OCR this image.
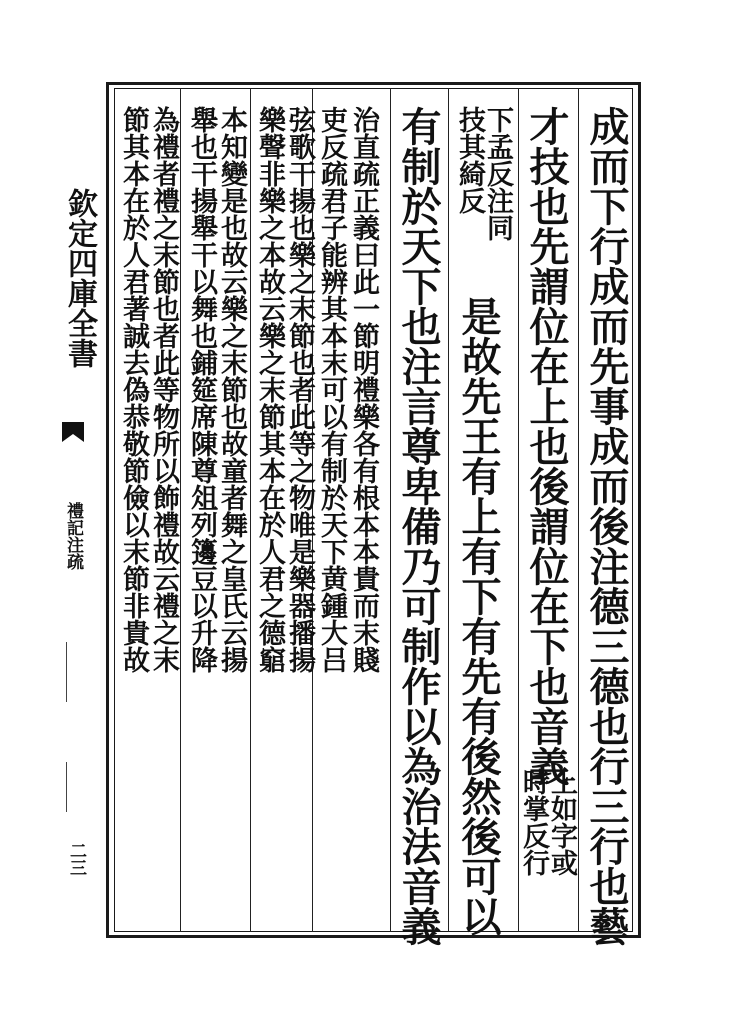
欽定四庫全書
禮記注疏
二三	成而下行成而先事成而後注德三德也行三行也藝
才技也先謂位在上也後謂位在下也音義
上如字或
時掌反行
下孟反注同
技其綺反
是故先王有上有下有先有後然後可以
有制於天下也注言尊卑備乃可制作以為治法音義
治直疏正義曰此一節明禮樂各有根本本貴而末賤
吏反疏君子能辨其本末可以有制於天下黄鍾大吕
弦歌干揚也樂之末節也者此等之物唯是樂器播揚
樂聲非樂之本故云樂之末節其本在於人君之德竆
本知變是也故云樂之末節也故童者舞之皇氏云揚
舉也干揚舉干以舞也鋪筵席陳尊俎列籩豆以升降
為禮者禮之末節也者此等物所以飾禮故云禮之末
節其本在於人君著誠去偽恭敬節儉以末節非貴故
